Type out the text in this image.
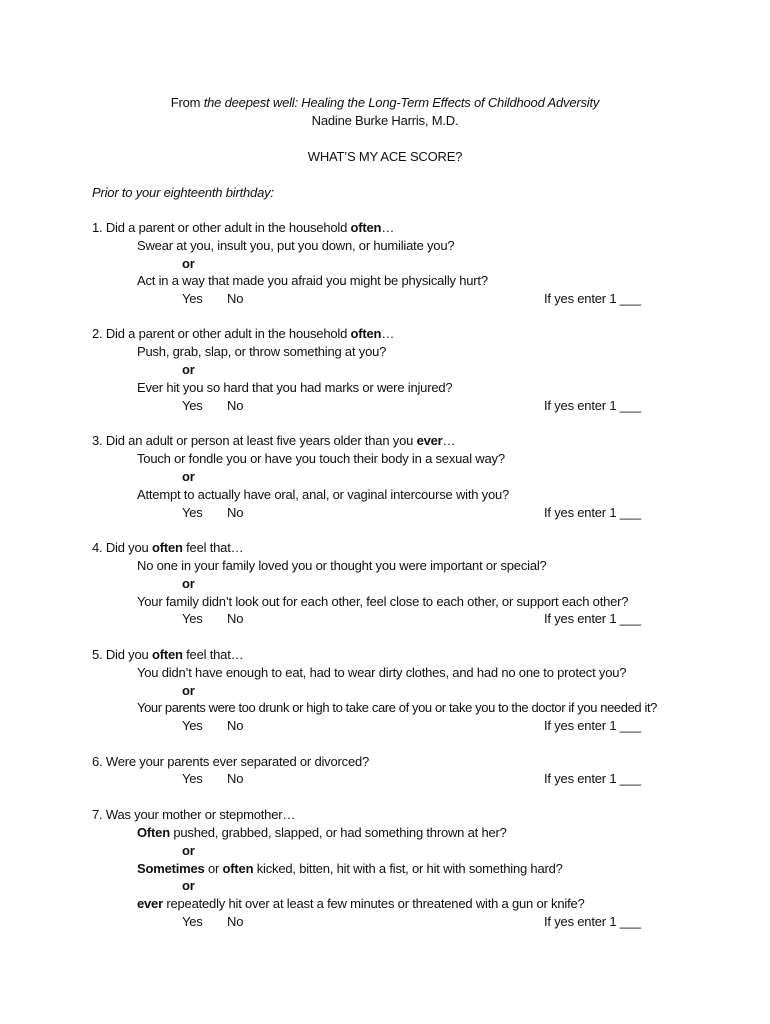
From the deepest well: Healing the Long-Term Effects of Childhood Adversity
Nadine Burke Harris, M.D.
WHAT’S MY ACE SCORE?
Prior to your eighteenth birthday:
1. Did a parent or other adult in the household often…
Swear at you, insult you, put you down, or humiliate you?
or
Act in a way that made you afraid you might be physically hurt?
Yes No	If yes enter 1 ___
2. Did a parent or other adult in the household often…
Push, grab, slap, or throw something at you?
or
Ever hit you so hard that you had marks or were injured?
Yes No	If yes enter 1 ___
3. Did an adult or person at least five years older than you ever…
Touch or fondle you or have you touch their body in a sexual way?
or
Attempt to actually have oral, anal, or vaginal intercourse with you?
Yes No	If yes enter 1 ___
4. Did you often feel that…
No one in your family loved you or thought you were important or special?
or
Your family didn’t look out for each other, feel close to each other, or support each other?
Yes No	If yes enter 1 ___
5. Did you often feel that…
You didn’t have enough to eat, had to wear dirty clothes, and had no one to protect you?
or
Your parents were too drunk or high to take care of you or take you to the doctor if you needed it?
Yes No	If yes enter 1 ___
6. Were your parents ever separated or divorced?
Yes No	If yes enter 1 ___
7. Was your mother or stepmother…
Often pushed, grabbed, slapped, or had something thrown at her?
or
Sometimes or often kicked, bitten, hit with a fist, or hit with something hard?
or
ever repeatedly hit over at least a few minutes or threatened with a gun or knife?
Yes No	If yes enter 1 ___
